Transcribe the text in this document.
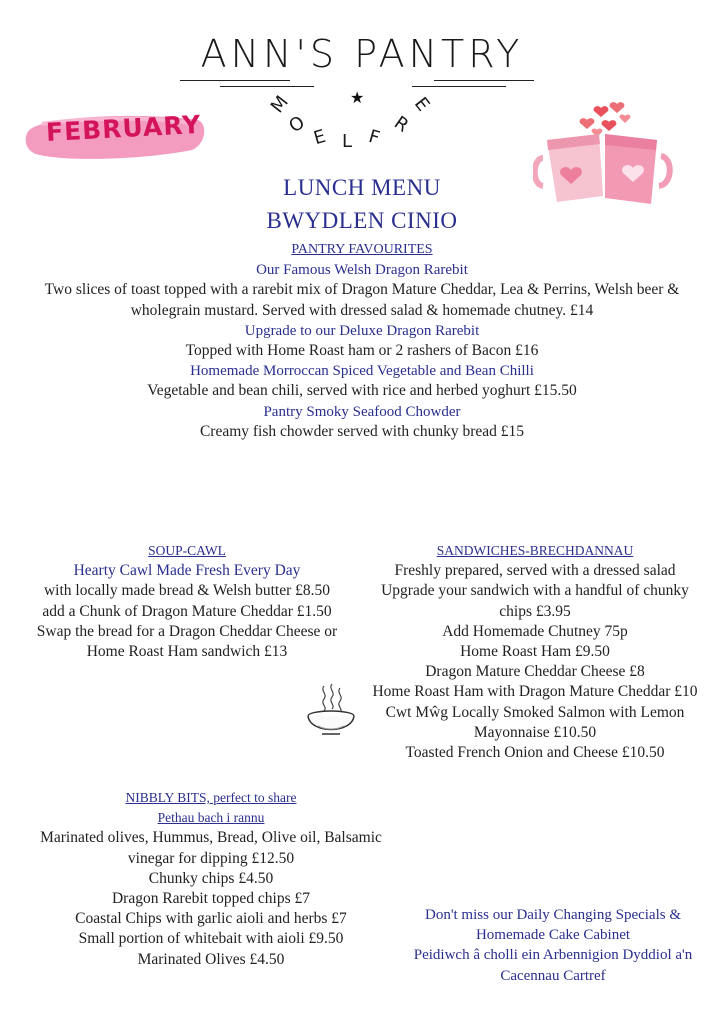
ANN'S PANTRY
★
M
O
E L F
R
E
FEBRUARY
LUNCH MENU
BWYDLEN CINIO
PANTRY FAVOURITES
Our Famous Welsh Dragon Rarebit
Two slices of toast topped with a rarebit mix of Dragon Mature Cheddar, Lea & Perrins, Welsh beer &
wholegrain mustard. Served with dressed salad & homemade chutney. £14
Upgrade to our Deluxe Dragon Rarebit
Topped with Home Roast ham or 2 rashers of Bacon £16
Homemade Morroccan Spiced Vegetable and Bean Chilli
Vegetable and bean chili, served with rice and herbed yoghurt £15.50
Pantry Smoky Seafood Chowder
Creamy fish chowder served with chunky bread £15
SOUP-CAWL
Hearty Cawl Made Fresh Every Day
with locally made bread & Welsh butter £8.50
add a Chunk of Dragon Mature Cheddar £1.50
Swap the bread for a Dragon Cheddar Cheese or
Home Roast Ham sandwich £13
SANDWICHES-BRECHDANNAU
Freshly prepared, served with a dressed salad
Upgrade your sandwich with a handful of chunky
chips £3.95
Add Homemade Chutney 75p
Home Roast Ham £9.50
Dragon Mature Cheddar Cheese £8
Home Roast Ham with Dragon Mature Cheddar £10
Cwt Mŵg Locally Smoked Salmon with Lemon
Mayonnaise £10.50
Toasted French Onion and Cheese £10.50
NIBBLY BITS, perfect to share
Pethau bach i rannu
Marinated olives, Hummus, Bread, Olive oil, Balsamic
vinegar for dipping £12.50
Chunky chips £4.50
Dragon Rarebit topped chips £7
Coastal Chips with garlic aioli and herbs £7
Small portion of whitebait with aioli £9.50
Marinated Olives £4.50
Don't miss our Daily Changing Specials &
Homemade Cake Cabinet
Peidiwch â cholli ein Arbennigion Dyddiol a'n
Cacennau Cartref
